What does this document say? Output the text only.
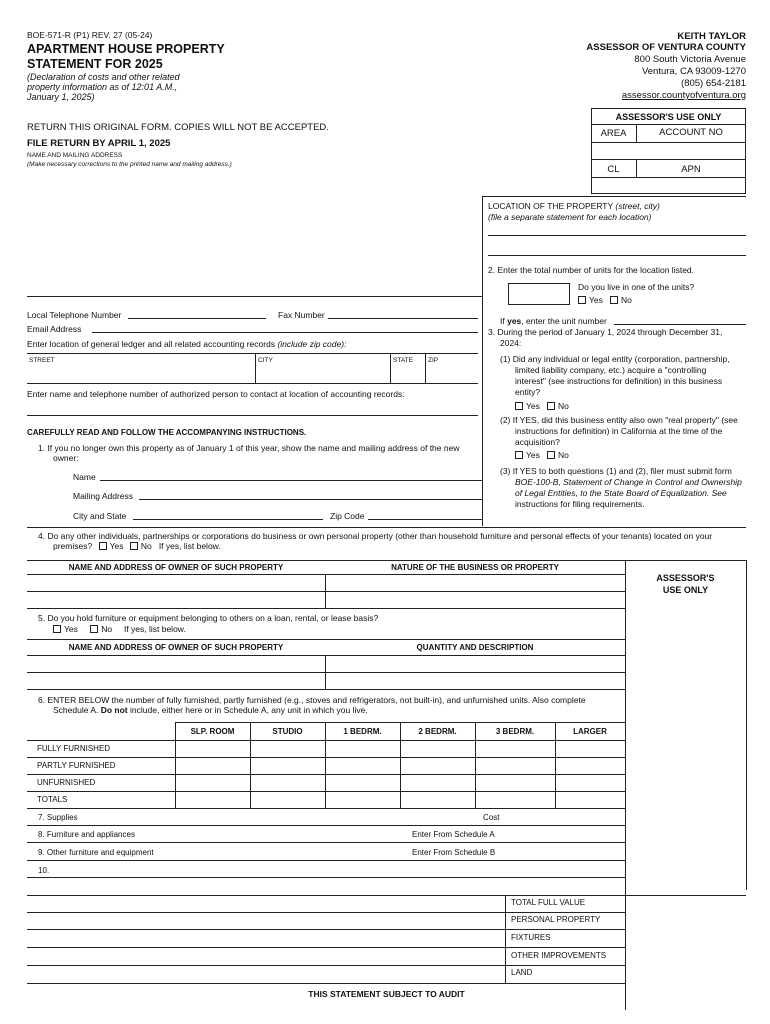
BOE-571-R (P1) REV. 27 (05-24)
APARTMENT HOUSE PROPERTY
STATEMENT FOR 2025
(Declaration of costs and other related
property information as of 12:01 A.M.,
January 1, 2025)
KEITH TAYLOR
ASSESSOR OF VENTURA COUNTY
800 South Victoria Avenue
Ventura, CA 93009-1270
(805) 654-2181
assessor.countyofventura.org
RETURN THIS ORIGINAL FORM. COPIES WILL NOT BE ACCEPTED.
FILE RETURN BY APRIL 1, 2025
NAME AND MAILING ADDRESS
(Make necessary corrections to the printed name and mailing address.)
ASSESSOR'S USE ONLY
AREA	ACCOUNT NO
CL	APN
LOCATION OF THE PROPERTY (street, city)
(file a separate statement for each location)
2. Enter the total number of units for the location listed.
Do you live in one of the units?
Yes No
If yes, enter the unit number
3. During the period of January 1, 2024 through December 31,
2024:
(1) Did any individual or legal entity (corporation, partnership,
limited liability company, etc.) acquire a "controlling
interest" (see instructions for definition) in this business
entity?
Yes No
(2) If YES, did this business entity also own "real property" (see
instructions for definition) in California at the time of the
acquisition?
Yes No
(3) If YES to both questions (1) and (2), filer must submit form
BOE-100-B, Statement of Change in Control and Ownership
of Legal Entities, to the State Board of Equalization. See
instructions for filing requirements.
Local Telephone Number	Fax Number
Email Address
Enter location of general ledger and all related accounting records (include zip code):
STREET	CITY	STATE ZIP
Enter name and telephone number of authorized person to contact at location of accounting records:
CAREFULLY READ AND FOLLOW THE ACCOMPANYING INSTRUCTIONS.
1. If you no longer own this property as of January 1 of this year, show the name and mailing address of the new
owner:
Name
Mailing Address
City and State	Zip Code
4. Do any other individuals, partnerships or corporations do business or own personal property (other than household furniture and personal effects of your tenants) located on your
premises? Yes No If yes, list below.
ASSESSOR'S
USE ONLY
NAME AND ADDRESS OF OWNER OF SUCH PROPERTY	NATURE OF THE BUSINESS OR PROPERTY
5. Do you hold furniture or equipment belonging to others on a loan, rental, or lease basis?
Yes	No If yes, list below.
NAME AND ADDRESS OF OWNER OF SUCH PROPERTY	QUANTITY AND DESCRIPTION
6. ENTER BELOW the number of fully furnished, partly furnished (e.g., stoves and refrigerators, not built-in), and unfurnished units. Also complete
Schedule A. Do not include, either here or in Schedule A, any unit in which you live.
SLP. ROOM	STUDIO	1 BEDRM.	2 BEDRM.	3 BEDRM.	LARGER
FULLY FURNISHED
PARTLY FURNISHED
UNFURNISHED
TOTALS
7. Supplies	Cost
8. Furniture and appliances	Enter From Schedule A
9. Other furniture and equipment	Enter From Schedule B
10.
TOTAL FULL VALUE
PERSONAL PROPERTY
FIXTURES
OTHER IMPROVEMENTS
LAND
THIS STATEMENT SUBJECT TO AUDIT
